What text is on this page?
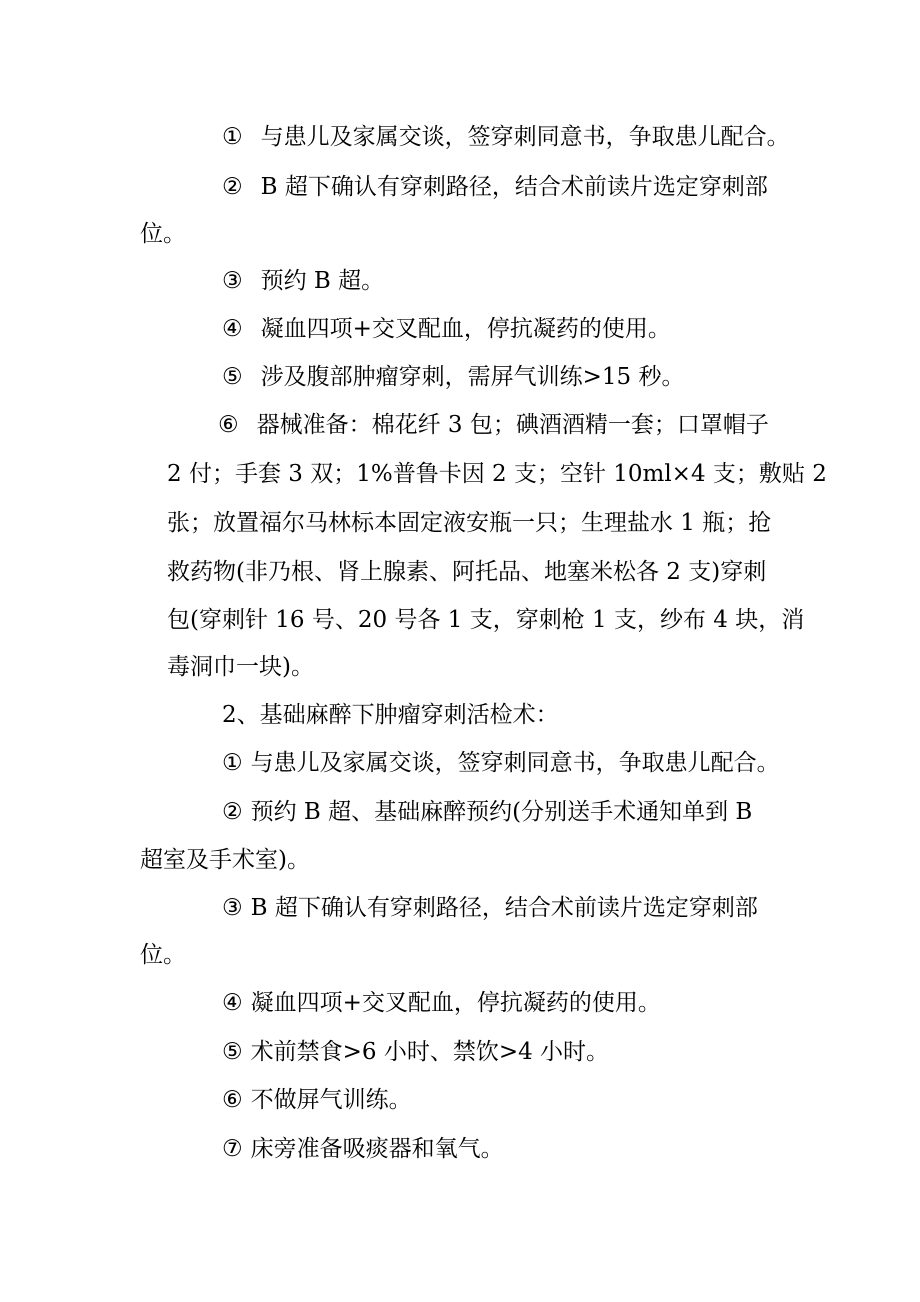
① 与患儿及家属交谈，签穿刺同意书，争取患儿配合。
② B 超下确认有穿刺路径，结合术前读片选定穿刺部
位。
③ 预约 B 超。
④ 凝血四项+交叉配血，停抗凝药的使用。
⑤ 涉及腹部肿瘤穿刺，需屏气训练>15 秒。
⑥ 器械准备：棉花纤 3 包；碘酒酒精一套；口罩帽子
2 付；手套 3 双；1%普鲁卡因 2 支；空针 10ml×4 支；敷贴 2
张；放置福尔马林标本固定液安瓶一只；生理盐水 1 瓶；抢
救药物(非乃根、肾上腺素、阿托品、地塞米松各 2 支)穿刺
包(穿刺针 16 号、20 号各 1 支，穿刺枪 1 支，纱布 4 块，消
毒洞巾一块)。
2、基础麻醉下肿瘤穿刺活检术：
① 与患儿及家属交谈，签穿刺同意书，争取患儿配合。
② 预约 B 超、基础麻醉预约(分别送手术通知单到 B
超室及手术室)。
③ B 超下确认有穿刺路径，结合术前读片选定穿刺部
位。
④ 凝血四项+交叉配血，停抗凝药的使用。
⑤ 术前禁食>6 小时、禁饮>4 小时。
⑥ 不做屏气训练。
⑦ 床旁准备吸痰器和氧气。
